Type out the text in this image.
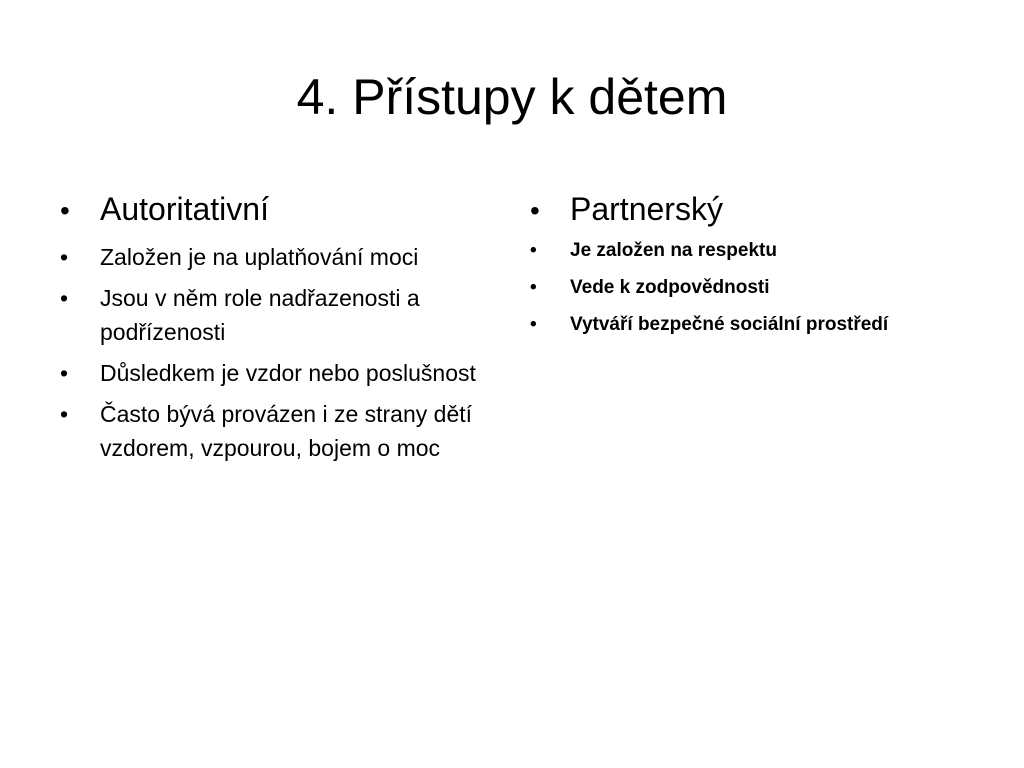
4. Přístupy k dětem
• Autoritativní
•	Založen je na uplatňování moci
•	Jsou v něm role nadřazenosti a podřízenosti
•	Důsledkem je vzdor nebo poslušnost
•	Často bývá provázen i ze strany dětí vzdorem, vzpourou, bojem o moc
• Partnerský
•	Je založen na respektu
•	Vede k zodpovědnosti
•	Vytváří bezpečné sociální prostředí
